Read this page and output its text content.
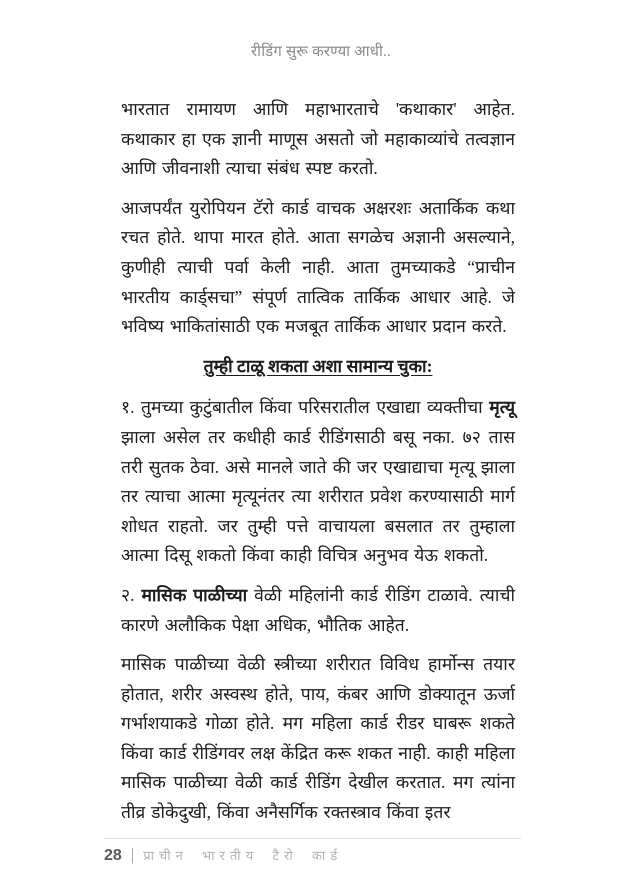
रीडिंग सुरू करण्या आधी..

भारतात रामायण आणि महाभारताचे 'कथाकार' आहेत. कथाकार हा एक ज्ञानी माणूस असतो जो महाकाव्यांचे तत्वज्ञान आणि जीवनाशी त्याचा संबंध स्पष्ट करतो.

आजपर्यंत युरोपियन टॅरो कार्ड वाचक अक्षरशः अतार्किक कथा रचत होते. थापा मारत होते. आता सगळेच अज्ञानी असल्याने, कुणीही त्याची पर्वा केली नाही. आता तुमच्याकडे “प्राचीन भारतीय कार्ड्सचा” संपूर्ण तात्विक तार्किक आधार आहे. जे भविष्य भाकितांसाठी एक मजबूत तार्किक आधार प्रदान करते.

तुम्ही टाळू शकता अशा सामान्य चुका:

१. तुमच्या कुटुंबातील किंवा परिसरातील एखाद्या व्यक्तीचा मृत्यू झाला असेल तर कधीही कार्ड रीडिंगसाठी बसू नका. ७२ तास तरी सुतक ठेवा. असे मानले जाते की जर एखाद्याचा मृत्यू झाला तर त्याचा आत्मा मृत्यूनंतर त्या शरीरात प्रवेश करण्यासाठी मार्ग शोधत राहतो. जर तुम्ही पत्ते वाचायला बसलात तर तुम्हाला आत्मा दिसू शकतो किंवा काही विचित्र अनुभव येऊ शकतो.

२. मासिक पाळीच्या वेळी महिलांनी कार्ड रीडिंग टाळावे. त्याची कारणे अलौकिक पेक्षा अधिक, भौतिक आहेत.

मासिक पाळीच्या वेळी स्त्रीच्या शरीरात विविध हार्मोन्स तयार होतात, शरीर अस्वस्थ होते, पाय, कंबर आणि डोक्यातून ऊर्जा गर्भाशयाकडे गोळा होते. मग महिला कार्ड रीडर घाबरू शकते किंवा कार्ड रीडिंगवर लक्ष केंद्रित करू शकत नाही. काही महिला मासिक पाळीच्या वेळी कार्ड रीडिंग देखील करतात. मग त्यांना तीव्र डोकेदुखी, किंवा अनैसर्गिक रक्तस्त्राव किंवा इतर

28 | प्राचीन भारतीय टैरो कार्ड
